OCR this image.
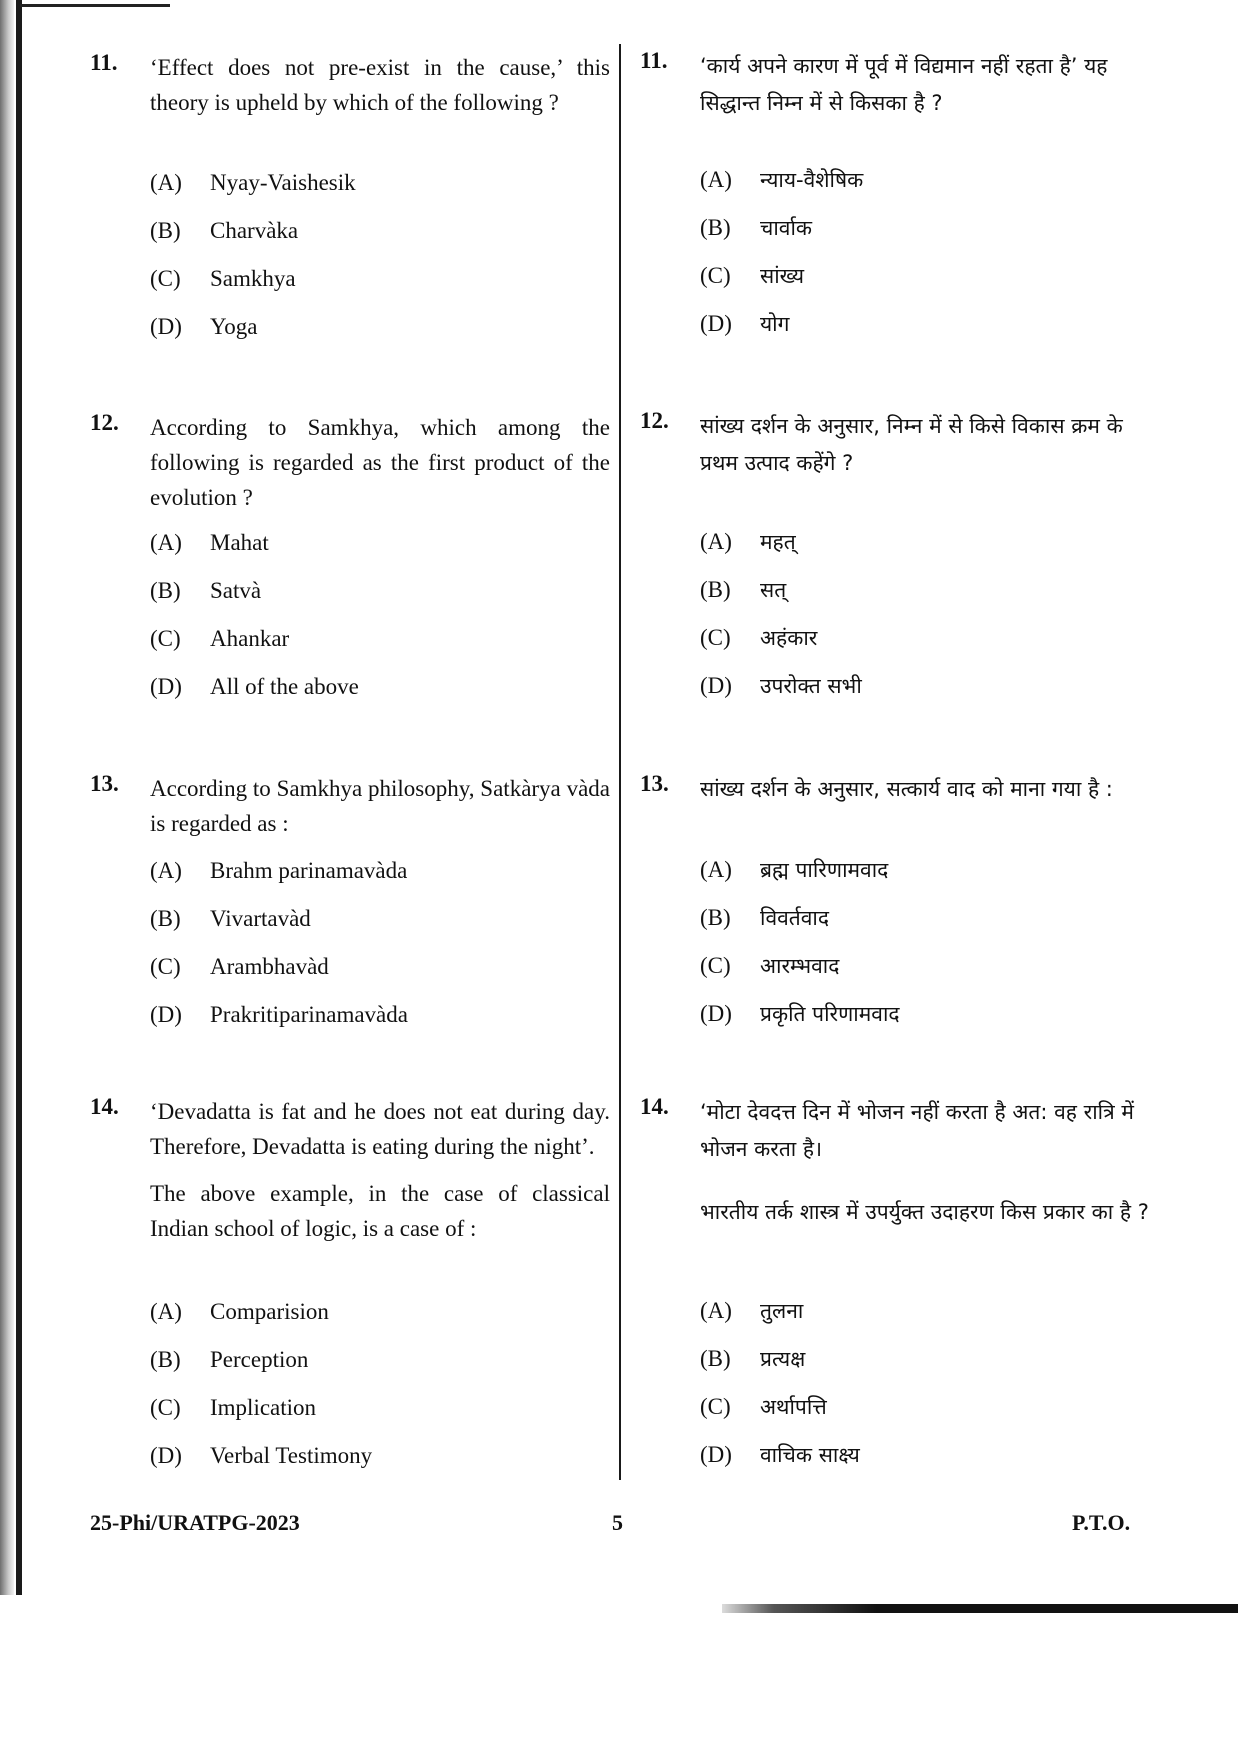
11. ‘Effect does not pre-exist in the cause,’ this theory is upheld by which of the following ?
(A) Nyay-Vaishesik
(B) Charvàka
(C) Samkhya
(D) Yoga
12. According to Samkhya, which among the following is regarded as the first product of the evolution ?
(A) Mahat
(B) Satvà
(C) Ahankar
(D) All of the above
13. According to Samkhya philosophy, Satkàrya vàda is regarded as :
(A) Brahm parinamavàda
(B) Vivartavàd
(C) Arambhavàd
(D) Prakritiparinamavàda
14. ‘Devadatta is fat and he does not eat during day. Therefore, Devadatta is eating during the night’.
The above example, in the case of classical Indian school of logic, is a case of :
(A) Comparision
(B) Perception
(C) Implication
(D) Verbal Testimony
11. ‘कार्य अपने कारण में पूर्व में विद्यमान नहीं रहता है’ यह सिद्धान्त निम्न में से किसका है ?
(A) न्याय-वैशेषिक
(B) चार्वाक
(C) सांख्य
(D) योग
12. सांख्य दर्शन के अनुसार, निम्न में से किसे विकास क्रम के प्रथम उत्पाद कहेंगे ?
(A) महत्
(B) सत्
(C) अहंकार
(D) उपरोक्त सभी
13. सांख्य दर्शन के अनुसार, सत्कार्य वाद को माना गया है :
(A) ब्रह्म पारिणामवाद
(B) विवर्तवाद
(C) आरम्भवाद
(D) प्रकृति परिणामवाद
14. ‘मोटा देवदत्त दिन में भोजन नहीं करता है अत: वह रात्रि में भोजन करता है।
भारतीय तर्क शास्त्र में उपर्युक्त उदाहरण किस प्रकार का है ?
(A) तुलना
(B) प्रत्यक्ष
(C) अर्थापत्ति
(D) वाचिक साक्ष्य
25-Phi/URATPG-2023	5	P.T.O.
